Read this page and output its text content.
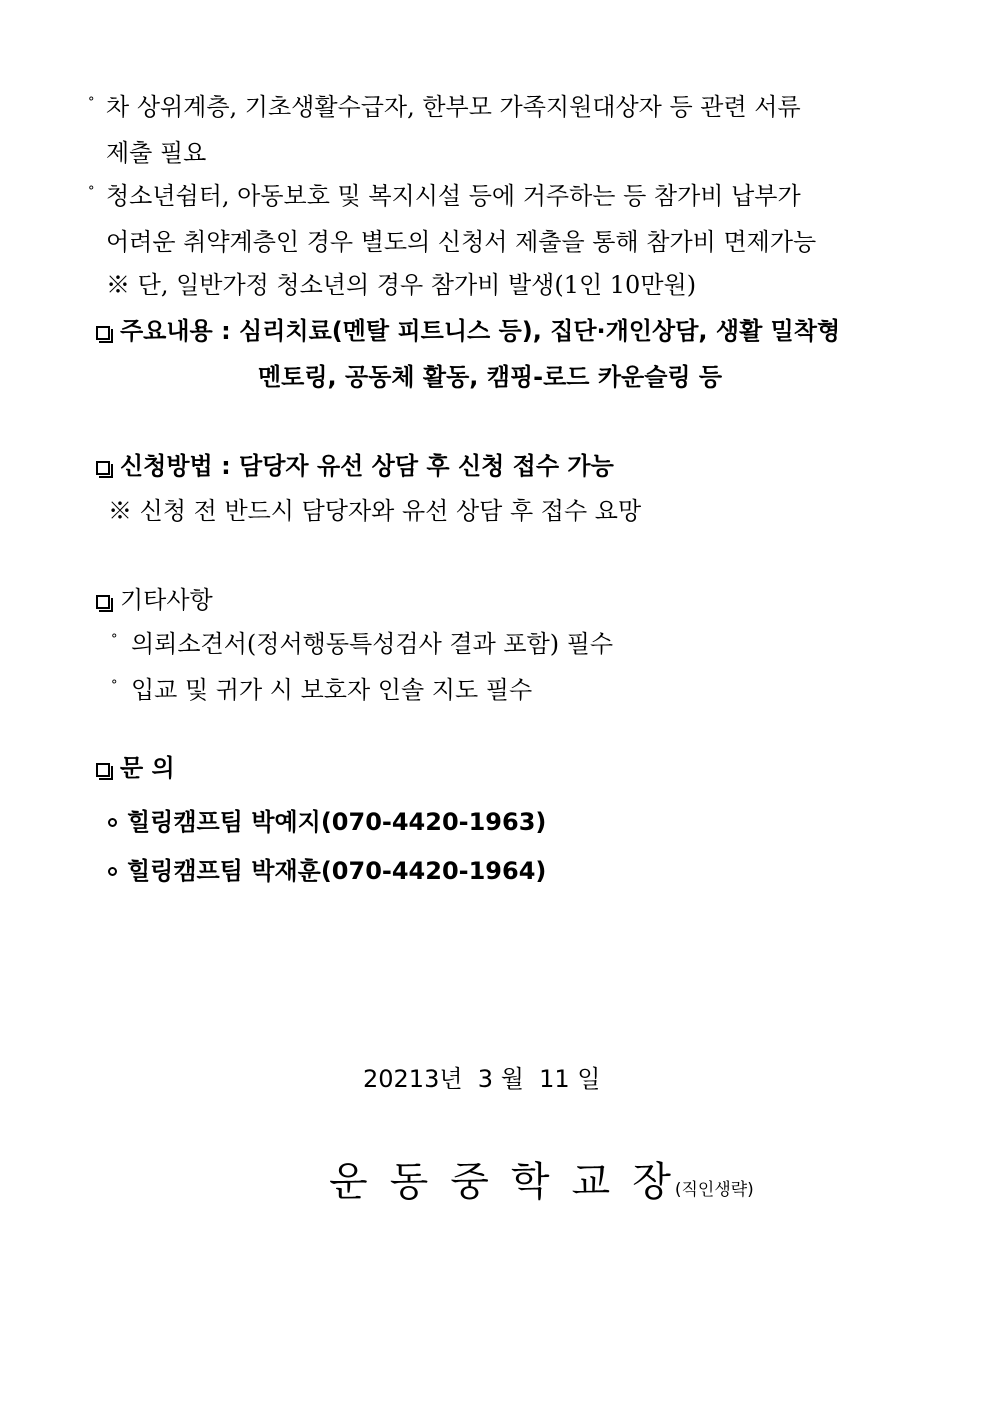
° 차 상위계층, 기초생활수급자, 한부모 가족지원대상자 등 관련 서류
제출 필요
° 청소년쉼터, 아동보호 및 복지시설 등에 거주하는 등 참가비 납부가
어려운 취약계층인 경우 별도의 신청서 제출을 통해 참가비 면제가능
※ 단, 일반가정 청소년의 경우 참가비 발생(1인 10만원)
주요내용 : 심리치료(멘탈 피트니스 등), 집단·개인상담, 생활 밀착형
멘토링, 공동체 활동, 캠핑-로드 카운슬링 등
신청방법 : 담당자 유선 상담 후 신청 접수 가능
※ 신청 전 반드시 담당자와 유선 상담 후 접수 요망
기타사항
° 의뢰소견서(정서행동특성검사 결과 포함) 필수
° 입교 및 귀가 시 보호자 인솔 지도 필수
문 의
힐링캠프팀 박예지(070-4420-1963)
힐링캠프팀 박재훈(070-4420-1964)
20213년  3 월  11 일
운동중학교장(직인생략)
